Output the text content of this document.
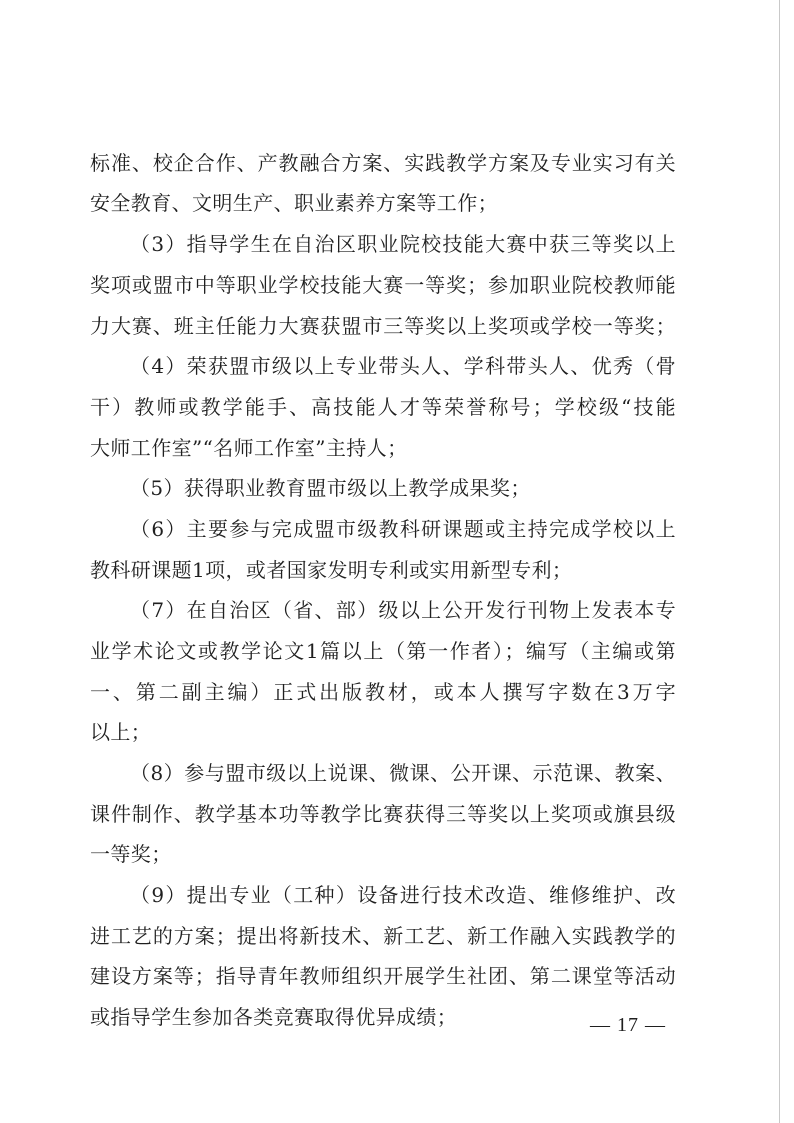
标准、校企合作、产教融合方案、实践教学方案及专业实习有关
安全教育、文明生产、职业素养方案等工作；
（3）指导学生在自治区职业院校技能大赛中获三等奖以上
奖项或盟市中等职业学校技能大赛一等奖；参加职业院校教师能
力大赛、班主任能力大赛获盟市三等奖以上奖项或学校一等奖；
（4）荣获盟市级以上专业带头人、学科带头人、优秀（骨
干）教师或教学能手、高技能人才等荣誉称号；学校级“技能
大师工作室”“名师工作室”主持人；
（5）获得职业教育盟市级以上教学成果奖；
（6）主要参与完成盟市级教科研课题或主持完成学校以上
教科研课题1项，或者国家发明专利或实用新型专利；
（7）在自治区（省、部）级以上公开发行刊物上发表本专
业学术论文或教学论文1篇以上（第一作者）；编写（主编或第
一、第二副主编）正式出版教材，或本人撰写字数在3万字
以上；
（8）参与盟市级以上说课、微课、公开课、示范课、教案、
课件制作、教学基本功等教学比赛获得三等奖以上奖项或旗县级
一等奖；
（9）提出专业（工种）设备进行技术改造、维修维护、改
进工艺的方案；提出将新技术、新工艺、新工作融入实践教学的
建设方案等；指导青年教师组织开展学生社团、第二课堂等活动
或指导学生参加各类竞赛取得优异成绩；	— 17 —
